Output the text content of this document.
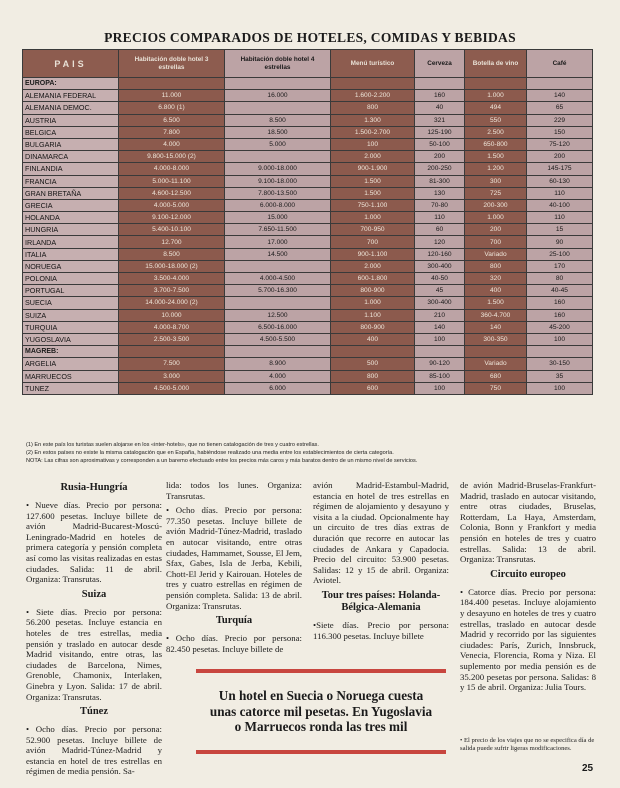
PRECIOS COMPARADOS DE HOTELES, COMIDAS Y BEBIDAS
PAIS	Habitación doble hotel 3 estrellas	Habitación doble hotel 4 estrellas	Menú turístico	Cerveza	Botella de vino	Café
EUROPA:						
ALEMANIA FEDERAL	11.000	16.000	1.600-2.200	160	1.000	140
ALEMANIA DEMOC.	6.800 (1)		800	40	494	65
AUSTRIA	6.500	8.500	1.300	321	550	229
BELGICA	7.800	18.500	1.500-2.700	125-190	2.500	150
BULGARIA	4.000	5.000	100	50-100	650-800	75-120
DINAMARCA	9.800-15.000 (2)		2.000	200	1.500	200
FINLANDIA	4.000-8.000	9.000-18.000	900-1.900	200-250	1.200	145-175
FRANCIA	5.000-11.100	9.100-18.000	1.500	81-300	300	60-130
GRAN BRETAÑA	4.600-12.500	7.800-13.500	1.500	130	725	110
GRECIA	4.000-5.000	6.000-8.000	750-1.100	70-80	200-300	40-100
HOLANDA	9.100-12.000	15.000	1.000	110	1.000	110
HUNGRIA	5.400-10.100	7.650-11.500	700-950	60	200	15
IRLANDA	12.700	17.000	700	120	700	90
ITALIA	8.500	14.500	900-1.100	120-160	Variado	25-100
NORUEGA	15.000-18.000 (2)		2.000	300-400	800	170
POLONIA	3.500-4.000	4.000-4.500	600-1.800	40-50	320	80
PORTUGAL	3.700-7.500	5.700-16.300	800-900	45	400	40-45
SUECIA	14.000-24.000 (2)		1.000	300-400	1.500	160
SUIZA	10.000	12.500	1.100	210	360-4.700	160
TURQUIA	4.000-8.700	6.500-16.000	800-900	140	140	45-200
YUGOSLAVIA	2.500-3.500	4.500-5.500	400	100	300-350	100
MAGREB:						
ARGELIA	7.500	8.900	500	90-120	Variado	30-150
MARRUECOS	3.000	4.000	800	85-100	680	35
TUNEZ	4.500-5.000	6.000	600	100	750	100
(1) En este país los turistas suelen alojarse en los «inter-hotels», que no tienen catalogación de tres y cuatro estrellas.
(2) En estos países no existe la misma catalogación que en España, habiéndose realizado una media entre los establecimientos de cierta categoría.
NOTA: Las cifras son aproximativas y corresponden a un baremo efectuado entre los precios más caros y más baratos dentro de un mismo nivel de servicios.
Rusia-Hungría

• Nueve días. Precio por persona: 127.600 pesetas. Incluye billete de avión Madrid-Bucarest-Moscú-Leningrado-Madrid en hoteles de primera categoría y pensión completa así como las visitas realizadas en estas ciudades. Salida: 11 de abril. Organiza: Transrutas.

Suiza

• Siete días. Precio por persona: 56.200 pesetas. Incluye estancia en hoteles de tres estrellas, media pensión y traslado en autocar desde Madrid visitando, entre otras, las ciudades de Barcelona, Nimes, Grenoble, Chamonix, Interlaken, Ginebra y Lyon. Salida: 17 de abril. Organiza: Transrutas.

Túnez

• Ocho días. Precio por persona: 52.900 pesetas. Incluye billete de avión Madrid-Túnez-Madrid y estancia en hotel de tres estrellas en régimen de media pensión. Sa-

lida: todos los lunes. Organiza: Transrutas.

• Ocho días. Precio por persona: 77.350 pesetas. Incluye billete de avión Madrid-Túnez-Madrid, traslado en autocar visitando, entre otras ciudades, Hammamet, Sousse, El Jem, Sfax, Gabes, Isla de Jerba, Kebili, Chott-El Jerid y Kairouan. Hoteles de tres y cuatro estrellas en régimen de pensión completa. Salida: 13 de abril. Organiza: Transrutas.

Turquía

• Ocho días. Precio por persona: 82.450 pesetas. Incluye billete de

avión Madrid-Estambul-Madrid, estancia en hotel de tres estrellas en régimen de alojamiento y desayuno y visita a la ciudad. Opcionalmente hay un circuito de tres días extras de duración que recorre en autocar las ciudades de Ankara y Capadocia. Precio del circuito: 53.900 pesetas. Salidas: 12 y 15 de abril. Organiza: Aviotel.

Tour tres países: Holanda-Bélgica-Alemania

•Siete días. Precio por persona: 116.300 pesetas. Incluye billete

de avión Madrid-Bruselas-Frankfurt-Madrid, traslado en autocar visitando, entre otras ciudades, Bruselas, Rotterdam, La Haya, Amsterdam, Colonia, Bonn y Frankfort y media pensión en hoteles de tres y cuatro estrellas. Salida: 13 de abril. Organiza: Transrutas.

Circuito europeo

• Catorce días. Precio por persona: 184.400 pesetas. Incluye alojamiento y desayuno en hoteles de tres y cuatro estrellas, traslado en autocar desde Madrid y recorrido por las siguientes ciudades: París, Zurich, Innsbruck, Venecia, Florencia, Roma y Niza. El suplemento por media pensión es de 35.200 pesetas por persona. Salidas: 8 y 15 de abril. Organiza: Julia Tours.

Un hotel en Suecia o Noruega cuesta
unas catorce mil pesetas. En Yugoslavia
o Marruecos ronda las tres mil
• El precio de los viajes que no se especifica día de salida puede sufrir ligeras modificaciones.
25
